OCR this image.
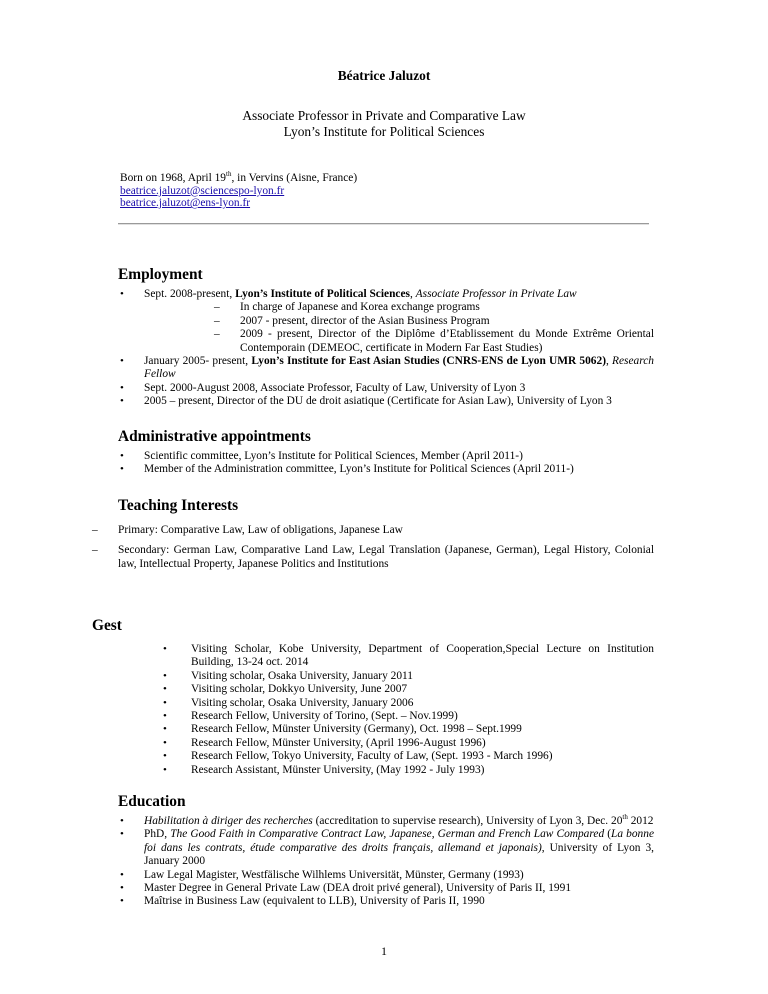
Béatrice Jaluzot
Associate Professor in Private and Comparative Law
Lyon’s Institute for Political Sciences
Born on 1968, April 19th, in Vervins (Aisne, France)
beatrice.jaluzot@sciencespo-lyon.fr
beatrice.jaluzot@ens-lyon.fr
Employment
• Sept. 2008-present, Lyon’s Institute of Political Sciences, Associate Professor in Private Law
– In charge of Japanese and Korea exchange programs
– 2007 - present, director of the Asian Business Program
– 2009 - present, Director of the Diplôme d’Etablissement du Monde Extrême Oriental Contemporain (DEMEOC, certificate in Modern Far East Studies)
• January 2005- present, Lyon’s Institute for East Asian Studies (CNRS-ENS de Lyon UMR 5062), Research Fellow
• Sept. 2000-August 2008, Associate Professor, Faculty of Law, University of Lyon 3
• 2005 – present, Director of the DU de droit asiatique (Certificate for Asian Law), University of Lyon 3
Administrative appointments
• Scientific committee, Lyon’s Institute for Political Sciences, Member (April 2011-)
• Member of the Administration committee, Lyon’s Institute for Political Sciences (April 2011-)
Teaching Interests
– Primary: Comparative Law, Law of obligations, Japanese Law
– Secondary: German Law, Comparative Land Law, Legal Translation (Japanese, German), Legal History, Colonial law, Intellectual Property, Japanese Politics and Institutions
Gest
• Visiting Scholar, Kobe University, Department of Cooperation,Special Lecture on Institution Building, 13-24 oct. 2014
• Visiting scholar, Osaka University, January 2011
• Visiting scholar, Dokkyo University, June 2007
• Visiting scholar, Osaka University, January 2006
• Research Fellow, University of Torino, (Sept. – Nov.1999)
• Research Fellow, Münster University (Germany), Oct. 1998 – Sept.1999
• Research Fellow, Münster University, (April 1996-August 1996)
• Research Fellow, Tokyo University, Faculty of Law, (Sept. 1993 - March 1996)
• Research Assistant, Münster University, (May 1992 - July 1993)
Education
• Habilitation à diriger des recherches (accreditation to supervise research), University of Lyon 3, Dec. 20th 2012
• PhD, The Good Faith in Comparative Contract Law, Japanese, German and French Law Compared (La bonne foi dans les contrats, étude comparative des droits français, allemand et japonais), University of Lyon 3, January 2000
• Law Legal Magister, Westfälische Wilhlems Universität, Münster, Germany (1993)
• Master Degree in General Private Law (DEA droit privé general), University of Paris II, 1991
• Maîtrise in Business Law (equivalent to LLB), University of Paris II, 1990
1
